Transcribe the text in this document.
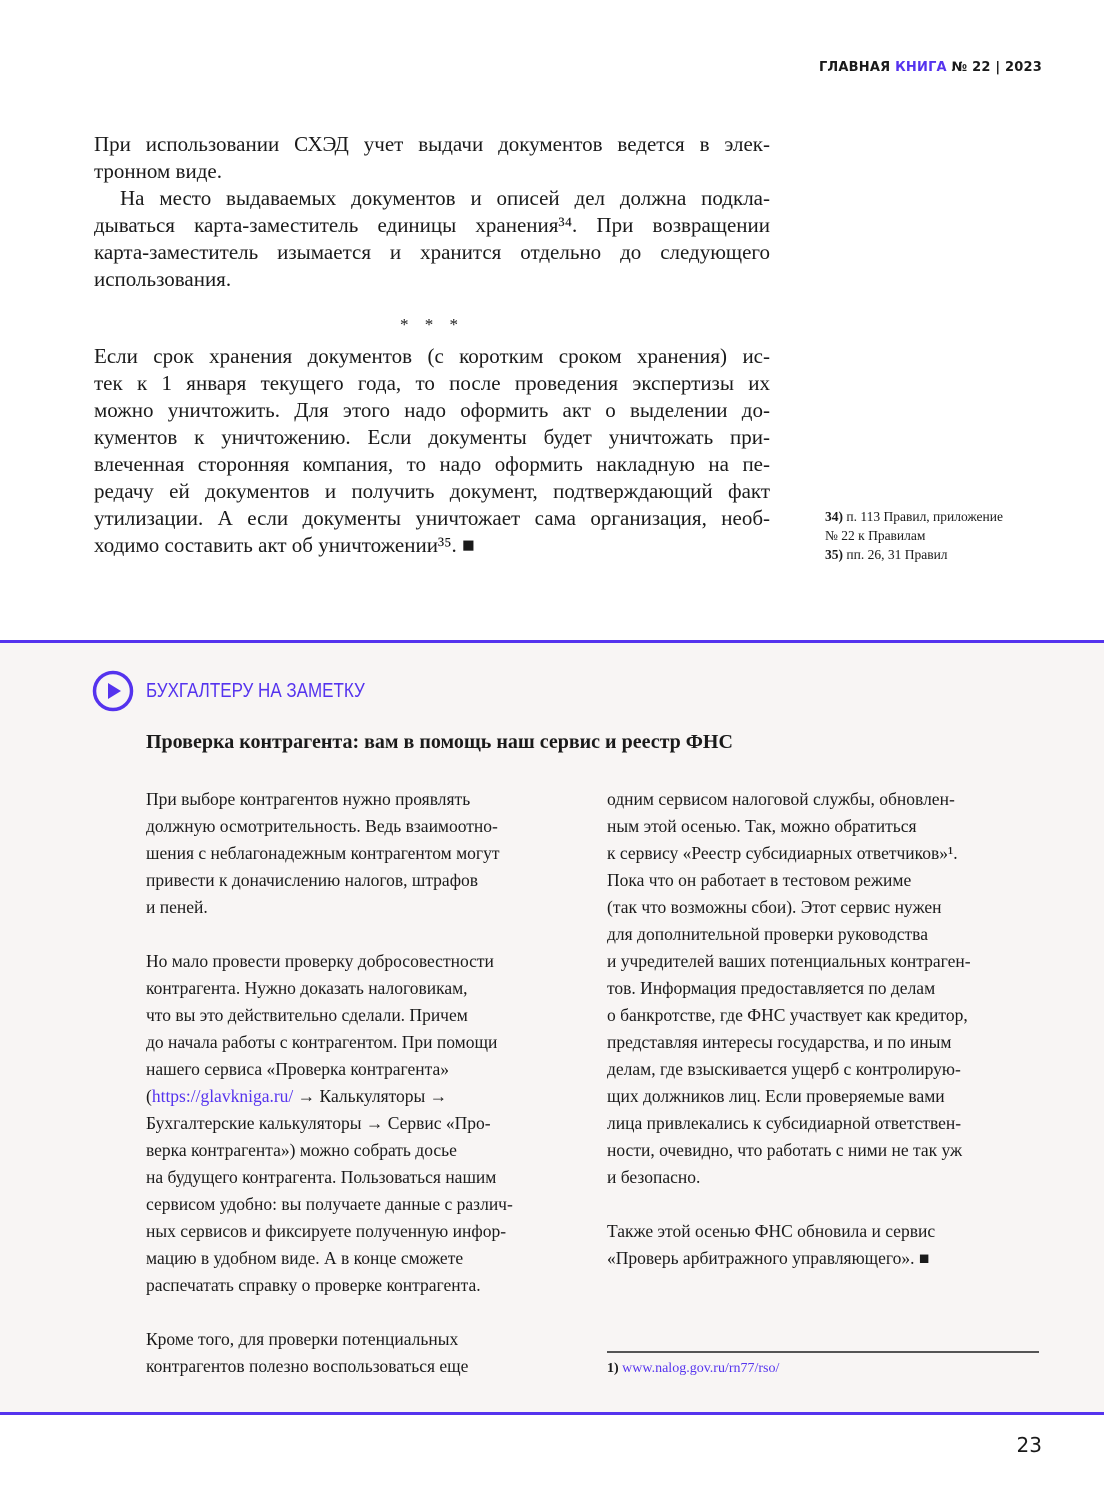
ГЛАВНАЯ КНИГА № 22 | 2023
При использовании СХЭД учет выдачи документов ведется в элек-
тронном виде.
На место выдаваемых документов и описей дел должна подкла-
дываться карта-заместитель единицы хранения³⁴. При возвращении
карта-заместитель изымается и хранится отдельно до следующего
использования.
* * *
Если срок хранения документов (с коротким сроком хранения) ис-
тек к 1 января текущего года, то после проведения экспертизы их
можно уничтожить. Для этого надо оформить акт о выделении до-
кументов к уничтожению. Если документы будет уничтожать при-
влеченная сторонняя компания, то надо оформить накладную на пе-
редачу ей документов и получить документ, подтверждающий факт
утилизации. А если документы уничтожает сама организация, необ-
ходимо составить акт об уничтожении³⁵. ■
34) п. 113 Правил, приложение
№ 22 к Правилам
35) пп. 26, 31 Правил
БУХГАЛТЕРУ НА ЗАМЕТКУ
Проверка контрагента: вам в помощь наш сервис и реестр ФНС

При выборе контрагентов нужно проявлять
должную осмотрительность. Ведь взаимоотно-
шения с неблагонадежным контрагентом могут
привести к доначислению налогов, штрафов
и пеней.

Но мало провести проверку добросовестности
контрагента. Нужно доказать налоговикам,
что вы это действительно сделали. Причем
до начала работы с контрагентом. При помощи
нашего сервиса «Проверка контрагента»
(https://glavkniga.ru/ → Калькуляторы →
Бухгалтерские калькуляторы → Сервис «Про-
верка контрагента») можно собрать досье
на будущего контрагента. Пользоваться нашим
сервисом удобно: вы получаете данные с различ-
ных сервисов и фиксируете полученную инфор-
мацию в удобном виде. А в конце сможете
распечатать справку о проверке контрагента.

Кроме того, для проверки потенциальных
контрагентов полезно воспользоваться еще

одним сервисом налоговой службы, обновлен-
ным этой осенью. Так, можно обратиться
к сервису «Реестр субсидиарных ответчиков»¹.
Пока что он работает в тестовом режиме
(так что возможны сбои). Этот сервис нужен
для дополнительной проверки руководства
и учредителей ваших потенциальных контраген-
тов. Информация предоставляется по делам
о банкротстве, где ФНС участвует как кредитор,
представляя интересы государства, и по иным
делам, где взыскивается ущерб с контролирую-
щих должников лиц. Если проверяемые вами
лица привлекались к субсидиарной ответствен-
ности, очевидно, что работать с ними не так уж
и безопасно.

Также этой осенью ФНС обновила и сервис
«Проверь арбитражного управляющего». ■

1) www.nalog.gov.ru/rn77/rso/
23
